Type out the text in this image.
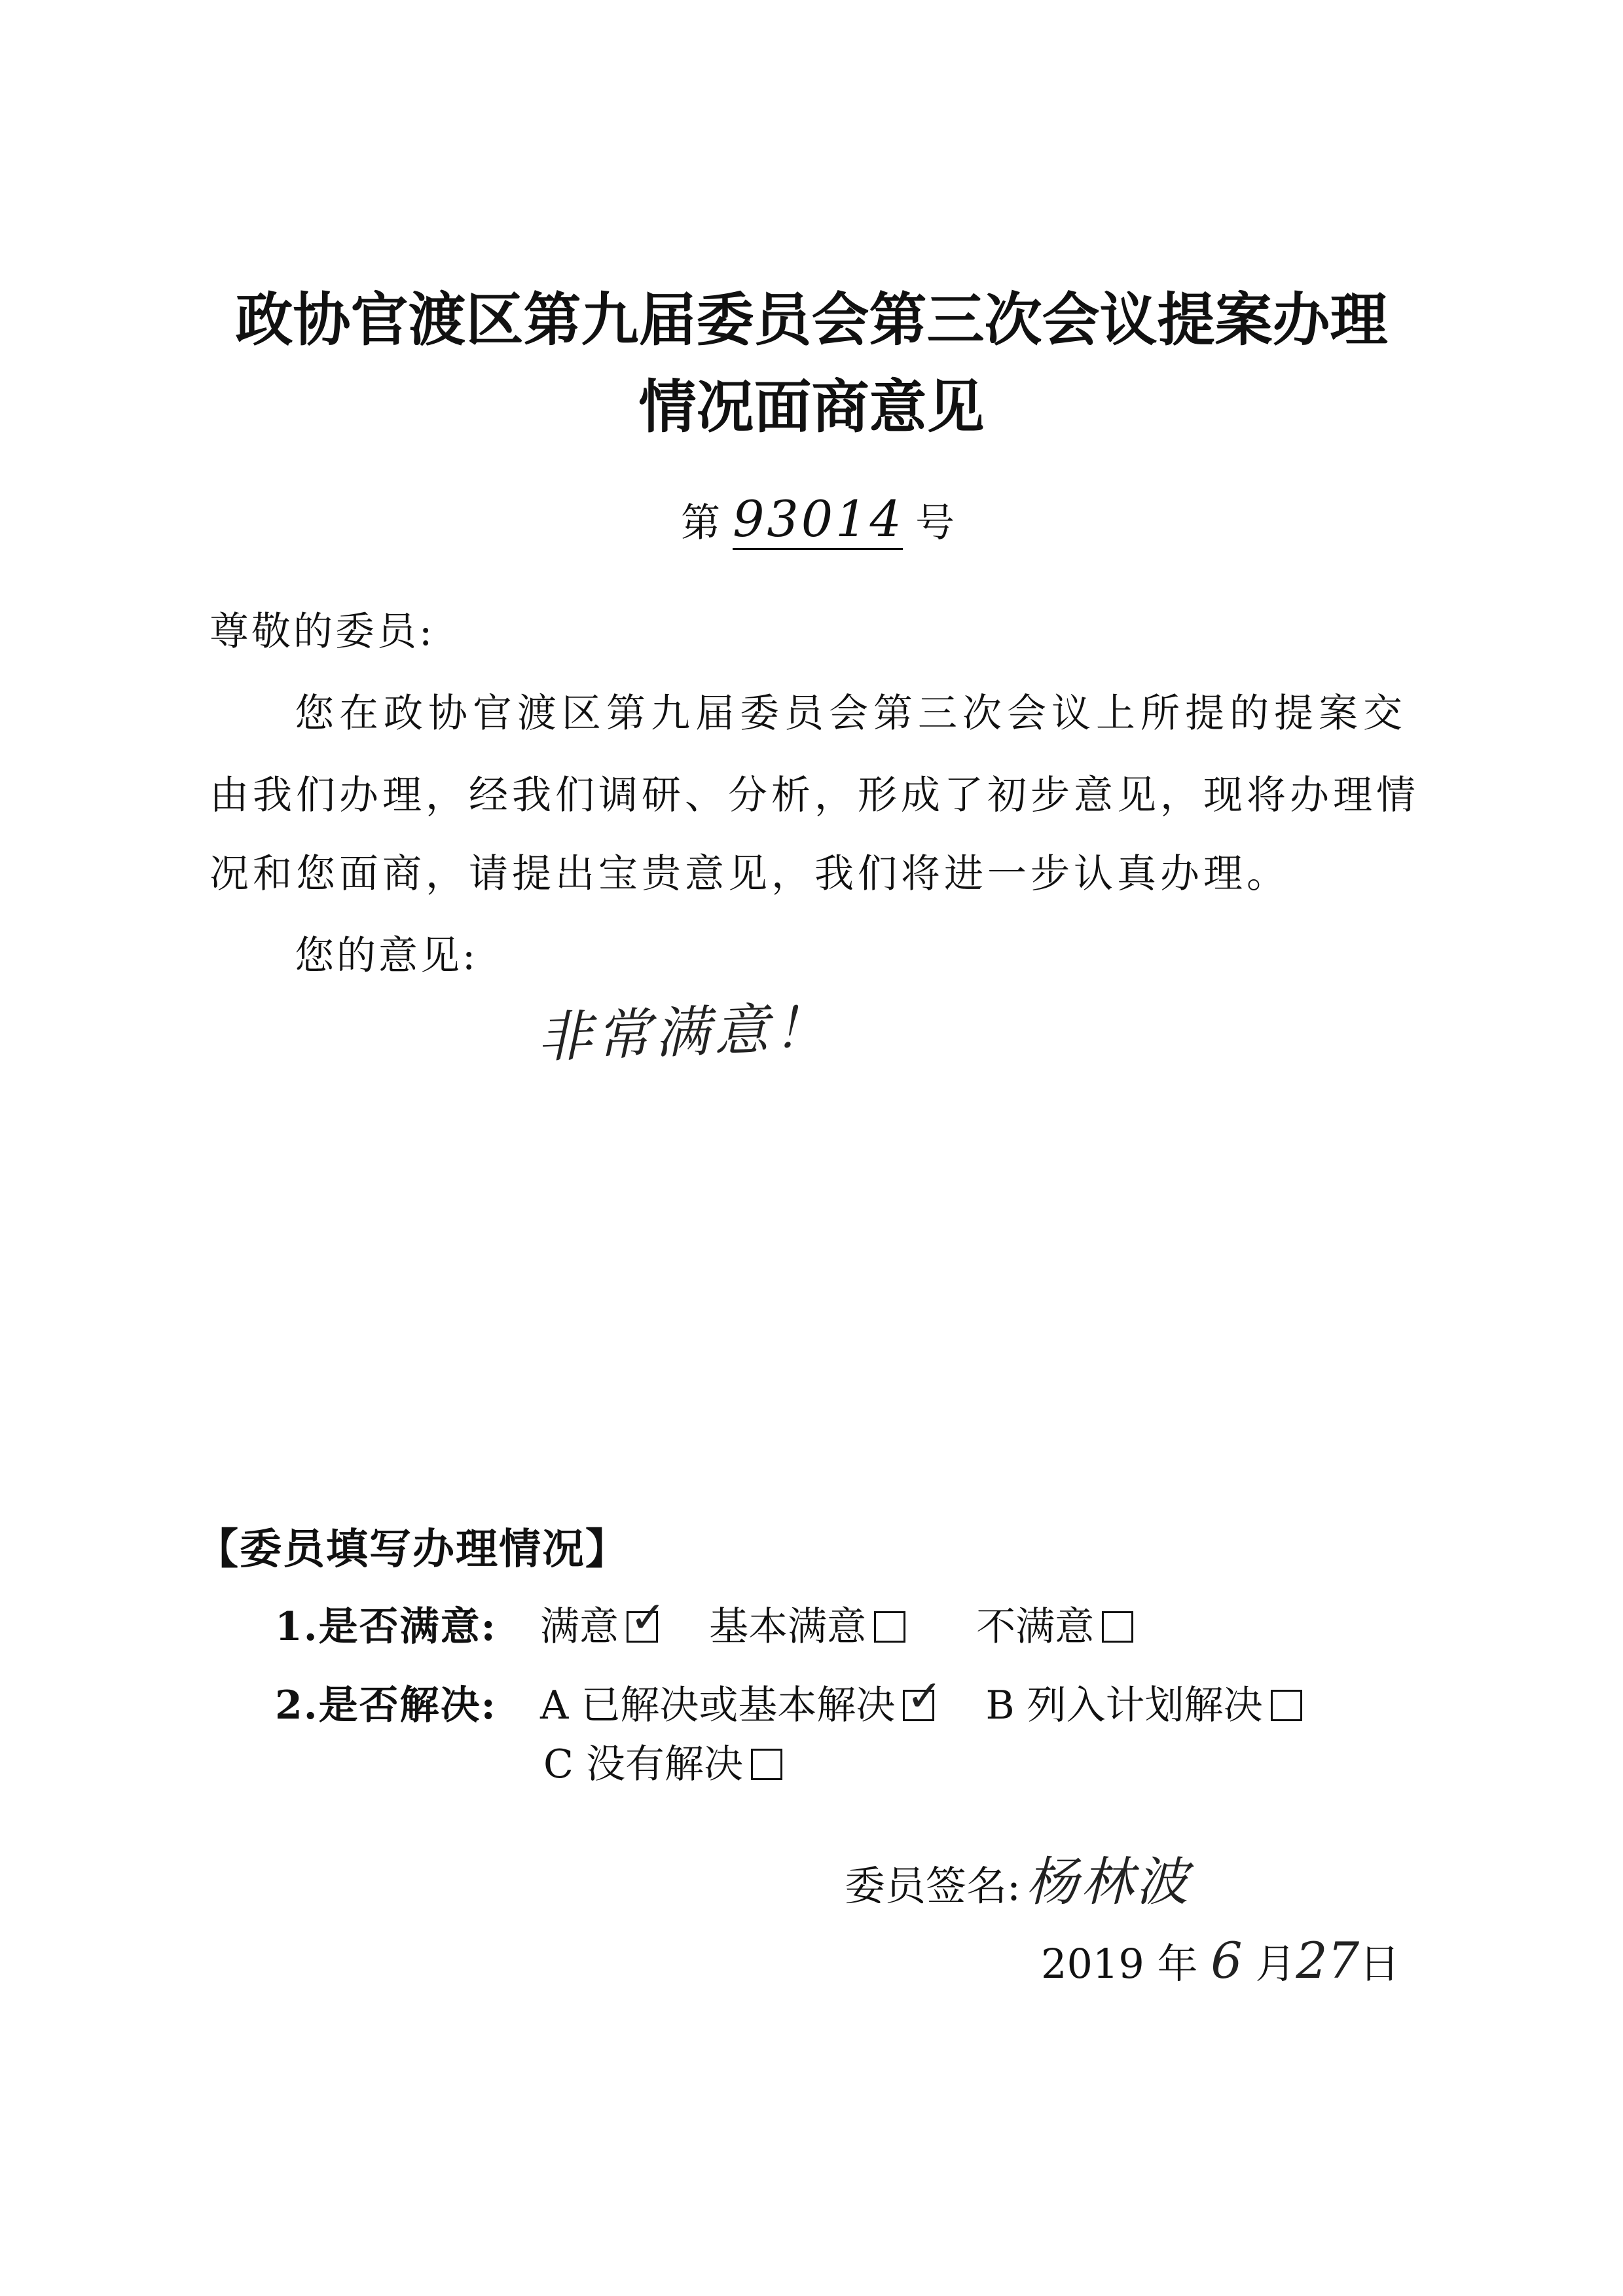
政协官渡区第九届委员会第三次会议提案办理
情况面商意见
第 93014 号
尊敬的委员:
您在政协官渡区第九届委员会第三次会议上所提的提案交
由我们办理，经我们调研、分析，形成了初步意见，现将办理情
况和您面商，请提出宝贵意见，我们将进一步认真办理。
您的意见:
非常满意！
【委员填写办理情况】
1.是否满意: 满意 ✓ 基本满意	不满意
2.是否解决: A 已解决或基本解决 ✓ B 列入计划解决
C 没有解决
委员签名: 杨林波
2019 年 6 月27日
